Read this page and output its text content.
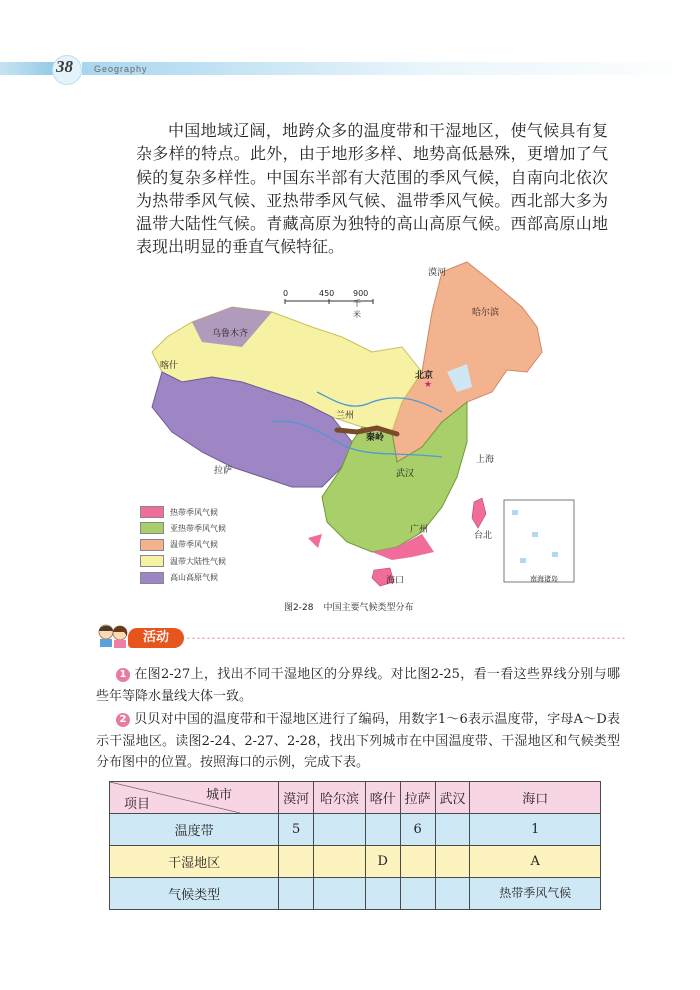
38 Geography
中国地域辽阔，地跨众多的温度带和干湿地区，使气候具有复杂多样的特点。此外，由于地形多样、地势高低悬殊，更增加了气候的复杂多样性。中国东半部有大范围的季风气候，自南向北依次为热带季风气候、亚热带季风气候、温带季风气候。西北部大多为温带大陆性气候。青藏高原为独特的高山高原气候。西部高原山地表现出明显的垂直气候特征。
0	450 900千米
漠河
哈尔滨
乌鲁木齐
喀什
北京
★
兰州
秦岭
拉萨	武汉
上海
台北
广州
海口	南海诸岛
热带季风气候
亚热带季风气候
温带季风气候
温带大陆性气候
高山高原气候
图2-28 中国主要气候类型分布
活动
1 在图2-27上，找出不同干湿地区的分界线。对比图2-25，看一看这些界线分别与哪些年等降水量线大体一致。
2 贝贝对中国的温度带和干湿地区进行了编码，用数字1～6表示温度带，字母A～D表示干湿地区。读图2-24、2-27、2-28，找出下列城市在中国温度带、干湿地区和气候类型分布图中的位置。按照海口的示例，完成下表。
城市
项目	漠河	哈尔滨	喀什	拉萨	武汉	海口
温度带	5			6		1
干湿地区			D			A
气候类型						热带季风气候
